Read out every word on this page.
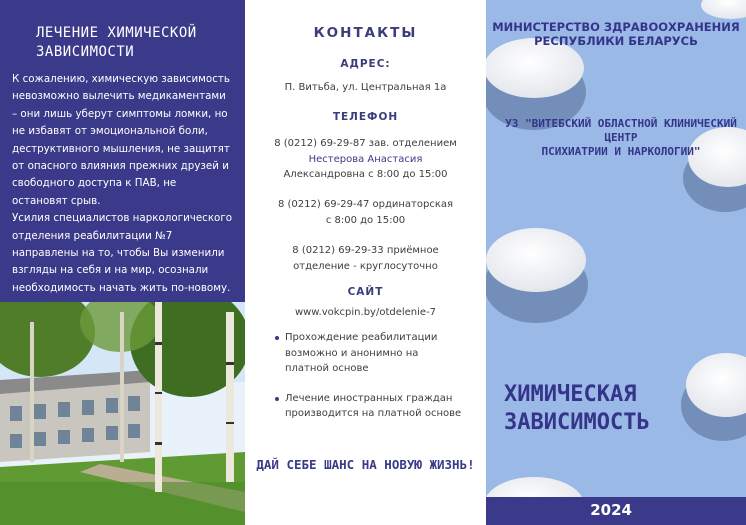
ЛЕЧЕНИЕ ХИМИЧЕСКОЙ
ЗАВИСИМОСТИ

К сожалению, химическую зависимость невозможно вылечить медикаментами – они лишь уберут симптомы ломки, но не избавят от эмоциональной боли, деструктивного мышления, не защитят от опасного влияния прежних друзей и свободного доступа к ПАВ, не остановят срыв.

Усилия специалистов наркологического отделения реабилитации №7 направлены на то, чтобы Вы изменили взгляды на себя и на мир, осознали необходимость начать жить по-новому.

КОНТАКТЫ
АДРЕС:
П. Витьба, ул. Центральная 1а
ТЕЛЕФОН
8 (0212) 69-29-87 зав. отделением
Нестерова Анастасия
Александровна с 8:00 до 15:00
8 (0212) 69-29-47 ординаторская
с 8:00 до 15:00
8 (0212) 69-29-33 приёмное
отделение - круглосуточно
САЙТ
www.vokcpin.by/otdelenie-7
Прохождение реабилитации возможно и анонимно на платной основе
Лечение иностранных граждан производится на платной основе
ДАЙ СЕБЕ ШАНС НА НОВУЮ ЖИЗНЬ!
МИНИСТЕРСТВО ЗДРАВООХРАНЕНИЯ
РЕСПУБЛИКИ БЕЛАРУСЬ
УЗ "ВИТЕБСКИЙ ОБЛАСТНОЙ КЛИНИЧЕСКИЙ ЦЕНТР
ПСИХИАТРИИ И НАРКОЛОГИИ"
ХИМИЧЕСКАЯ
ЗАВИСИМОСТЬ
2024
